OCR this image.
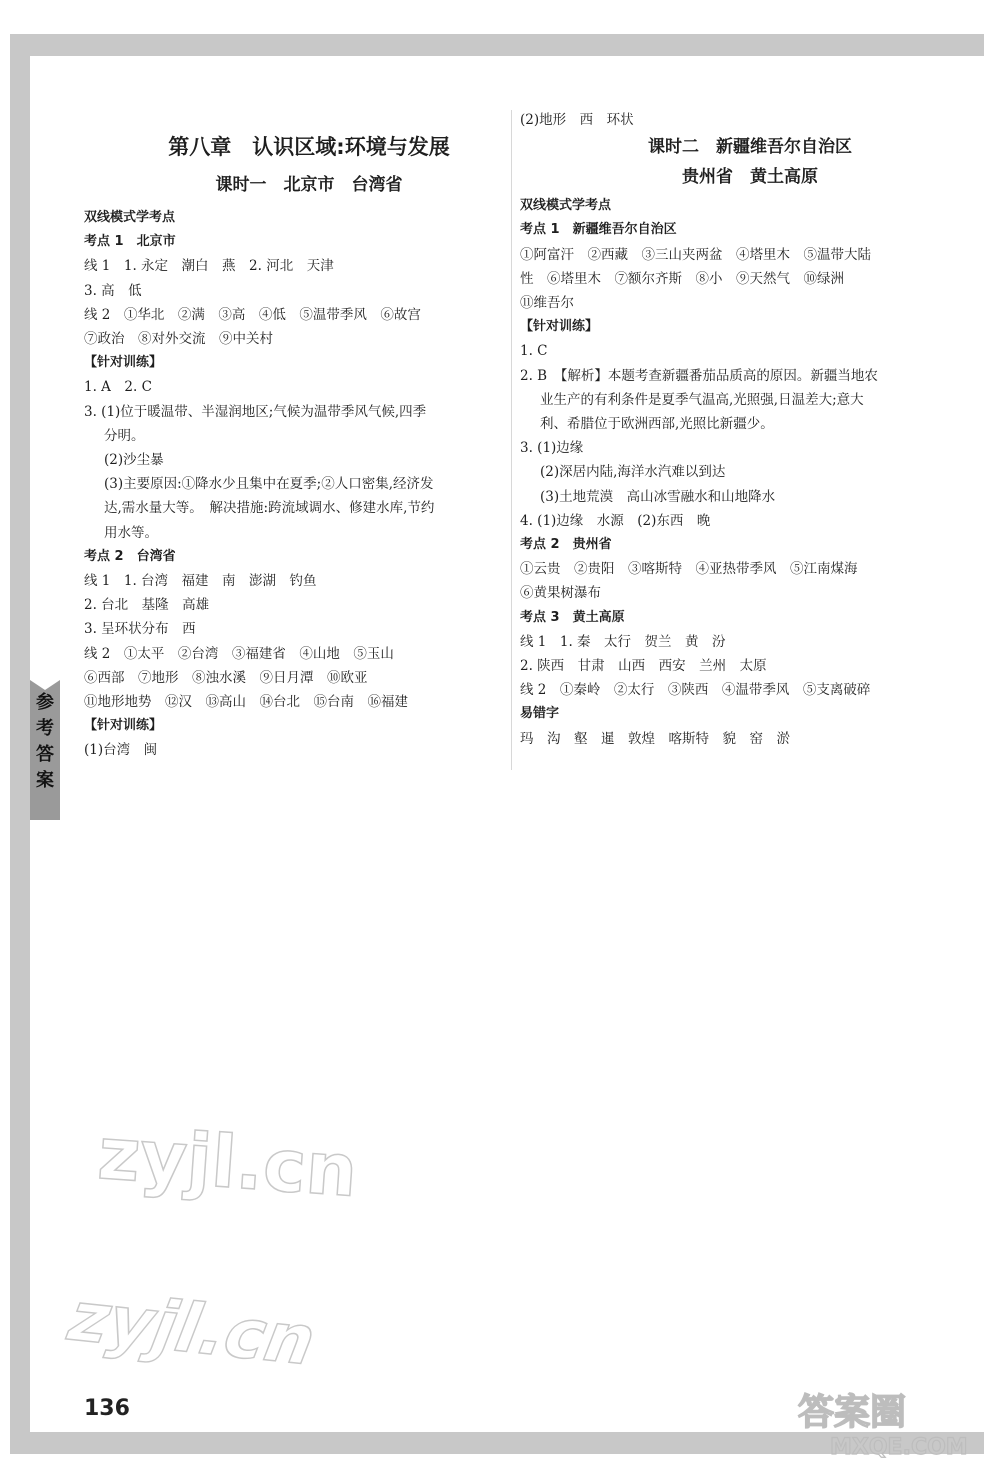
第八章　认识区域:环境与发展
课时一　北京市　台湾省
双线模式学考点
考点 1　北京市
线 1　1. 永定　潮白　燕　2. 河北　天津
3. 高　低
线 2　①华北　②满　③高　④低　⑤温带季风　⑥故宫
⑦政治　⑧对外交流　⑨中关村
【针对训练】
1. A　2. C
3. (1)位于暖温带、半湿润地区;气候为温带季风气候,四季
分明。
(2)沙尘暴
(3)主要原因:①降水少且集中在夏季;②人口密集,经济发
达,需水量大等。　解决措施:跨流域调水、修建水库,节约
用水等。
考点 2　台湾省
线 1　1. 台湾　福建　南　澎湖　钓鱼
2. 台北　基隆　高雄
3. 呈环状分布　西
线 2　①太平　②台湾　③福建省　④山地　⑤玉山
⑥西部　⑦地形　⑧浊水溪　⑨日月潭　⑩欧亚
⑪地形地势　⑫汉　⑬高山　⑭台北　⑮台南　⑯福建
【针对训练】
(1)台湾　闽
(2)地形　西　环状
课时二　新疆维吾尔自治区
贵州省　黄土高原
双线模式学考点
考点 1　新疆维吾尔自治区
①阿富汗　②西藏　③三山夹两盆　④塔里木　⑤温带大陆
性　⑥塔里木　⑦额尔齐斯　⑧小　⑨天然气　⑩绿洲
⑪维吾尔
【针对训练】
1. C
2. B　【解析】本题考查新疆番茄品质高的原因。新疆当地农
业生产的有利条件是夏季气温高,光照强,日温差大;意大
利、希腊位于欧洲西部,光照比新疆少。
3. (1)边缘
(2)深居内陆,海洋水汽难以到达
(3)土地荒漠　高山冰雪融水和山地降水
4. (1)边缘　水源　(2)东西　晚
考点 2　贵州省
①云贵　②贵阳　③喀斯特　④亚热带季风　⑤江南煤海
⑥黄果树瀑布
考点 3　黄土高原
线 1　1. 秦　太行　贺兰　黄　汾
2. 陕西　甘肃　山西　西安　兰州　太原
线 2　①秦岭　②太行　③陕西　④温带季风　⑤支离破碎
易错字
玛　沟　壑　暹　敦煌　喀斯特　貌　窑　淤
参
考
答
案
zyjl.cn
zyjl.cn
136	答案圈
MXQE.COM
